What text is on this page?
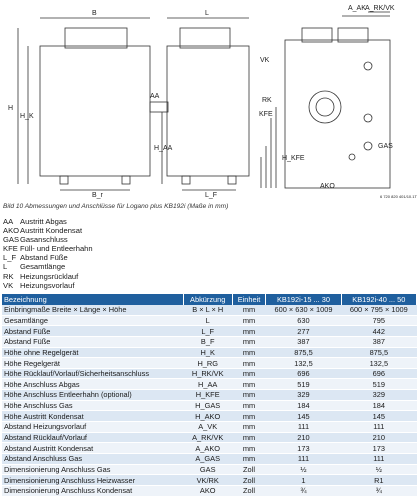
B	L
H
H_K
B_r	L_F
AA
H_AA
A_AK A_RK/VK
VK
RK
KFE
H_KFE
GAS
AKO
6 720 820 401/10.1T
Bild 10 Abmessungen und Anschlüsse für Logano plus KB192i (Maße in mm)
AA Austritt Abgas
AKO Austritt Kondensat
GAS Gasanschluss
KFE Füll- und Entleerhahn
L_F Abstand Füße
L	Gesamtlänge
RK Heizungsrücklauf
VK Heizungsvorlauf
Bezeichnung	Abkürzung	Einheit	KB192i-15 ... 30	KB192i-40 ... 50
Einbringmaße Breite × Länge × Höhe	B × L × H	mm	600 × 630 × 1009	600 × 795 × 1009
Gesamtlänge	L	mm	630	795
Abstand Füße	L_F	mm	277	442
Abstand Füße	B_F	mm	387	387
Höhe ohne Regelgerät	H_K	mm	875,5	875,5
Höhe Regelgerät	H_RG	mm	132,5	132,5
Höhe Rücklauf/Vorlauf/Sicherheitsanschluss	H_RK/VK	mm	696	696
Höhe Anschluss Abgas	H_AA	mm	519	519
Höhe Anschluss Entleerhahn (optional)	H_KFE	mm	329	329
Höhe Anschluss Gas	H_GAS	mm	184	184
Höhe Austritt Kondensat	H_AKO	mm	145	145
Abstand Heizungsvorlauf	A_VK	mm	111	111
Abstand Rücklauf/Vorlauf	A_RK/VK	mm	210	210
Abstand Austritt Kondensat	A_AKO	mm	173	173
Abstand Anschluss Gas	A_GAS	mm	111	111
Dimensionierung Anschluss Gas	GAS	Zoll	½	½
Dimensionierung Anschluss Heizwasser	VK/RK	Zoll	1	R1
Dimensionierung Anschluss Kondensat	AKO	Zoll	¾	¾
